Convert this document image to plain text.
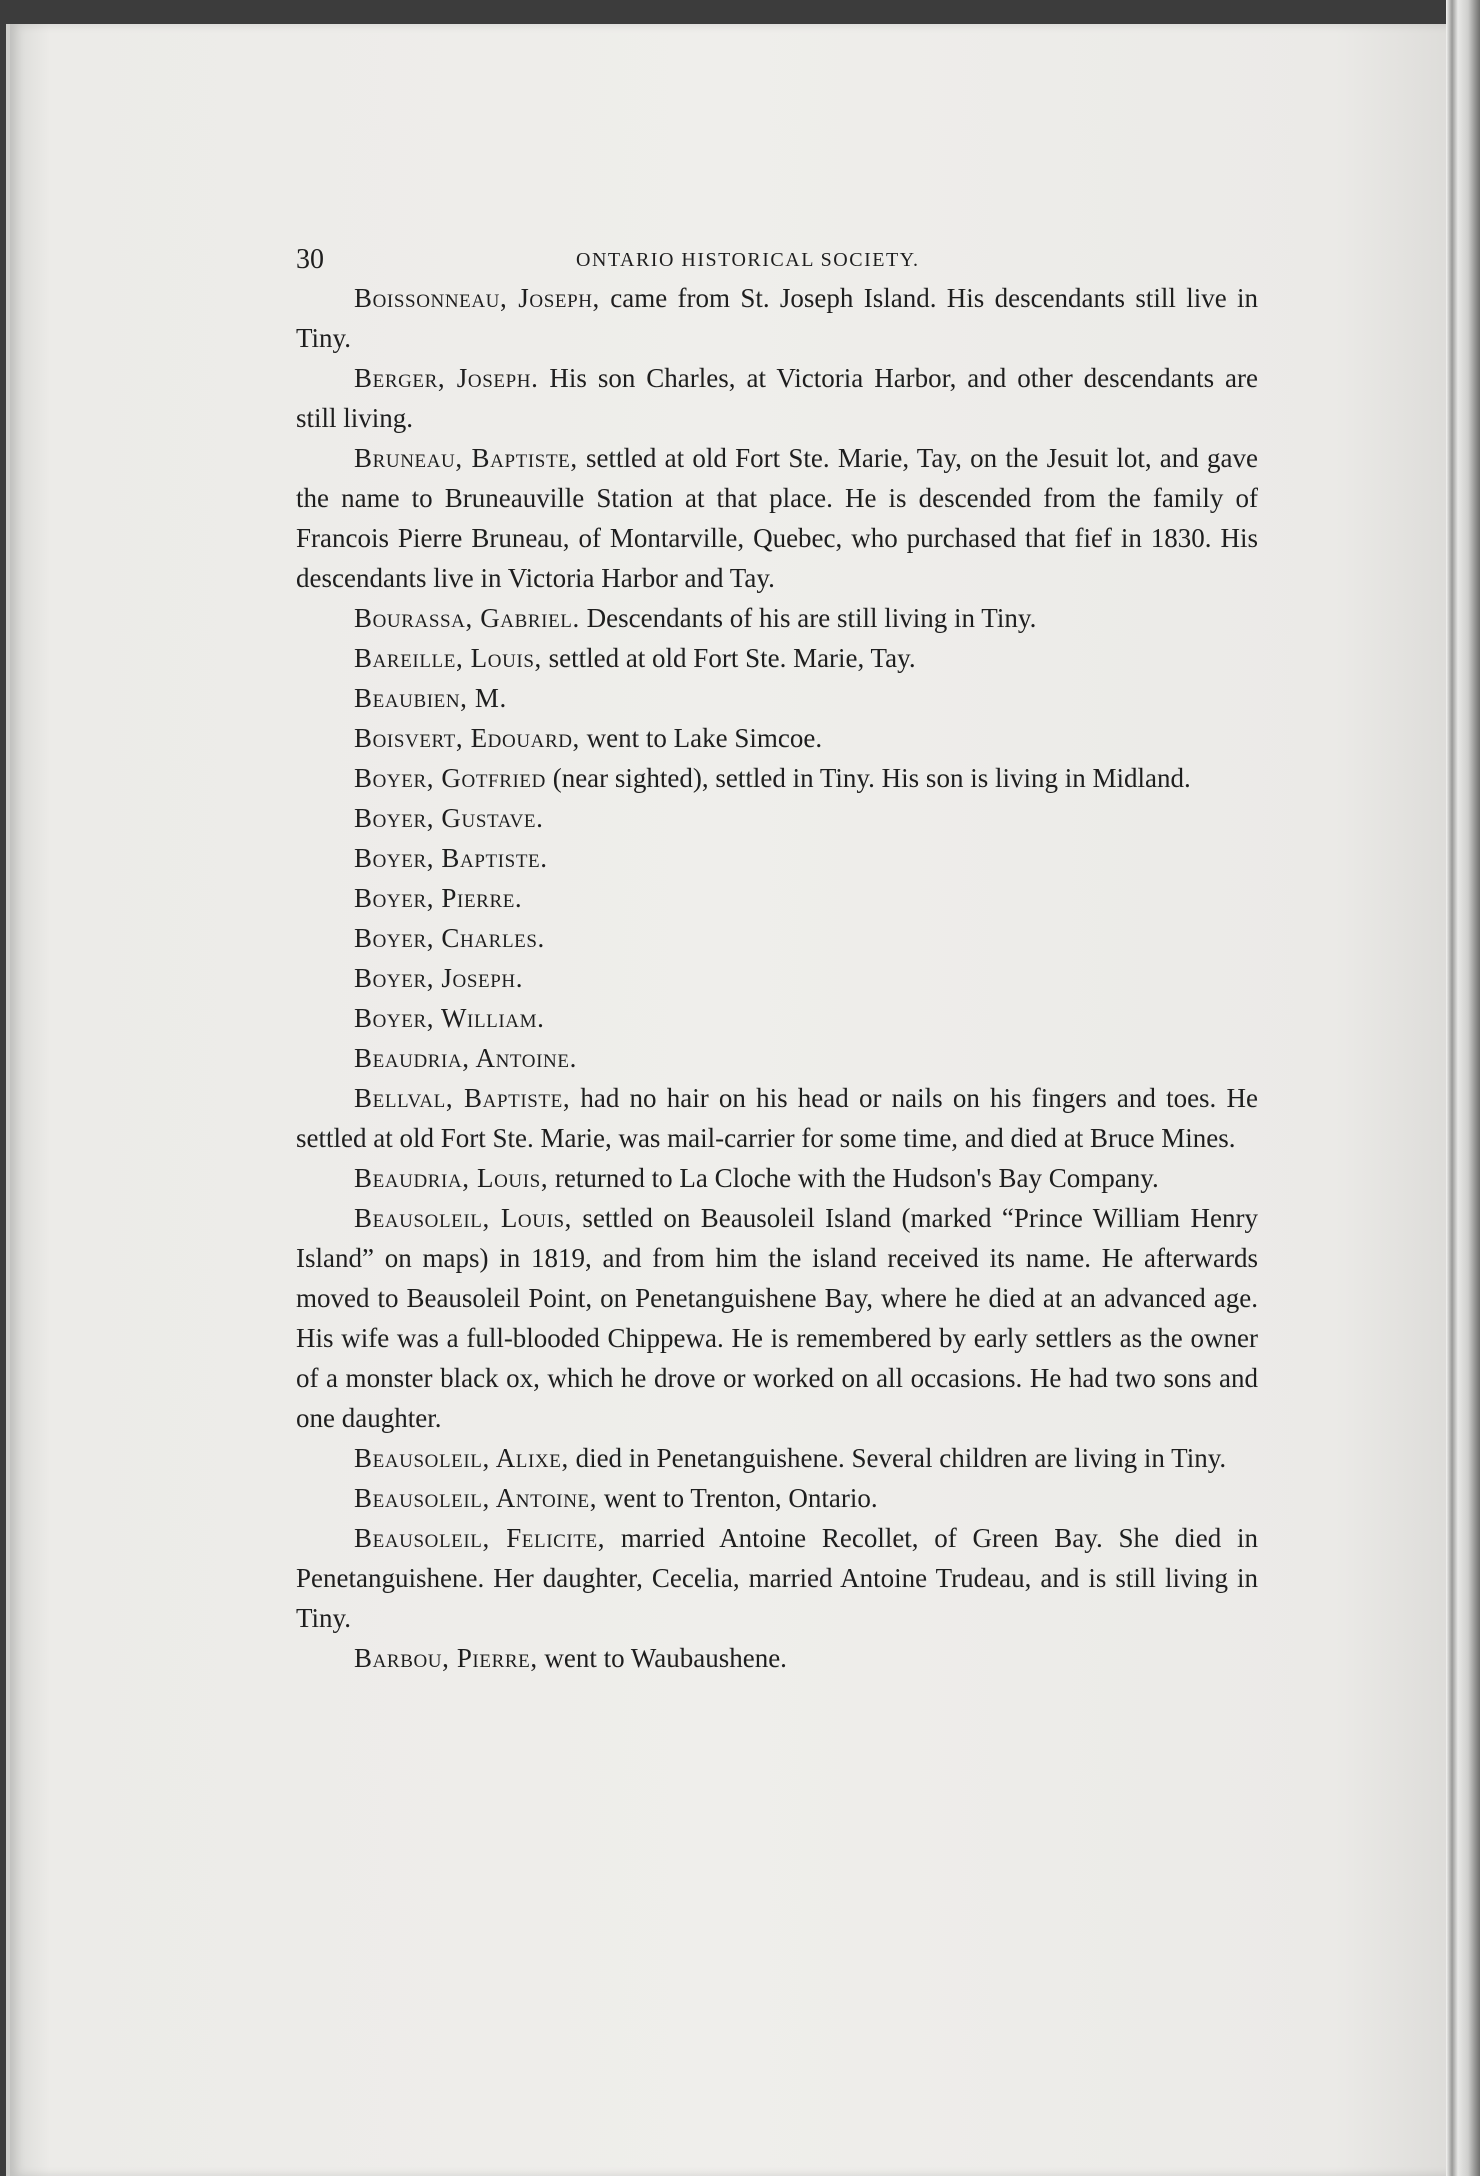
30	ONTARIO HISTORICAL SOCIETY.

Boissonneau, Joseph, came from St. Joseph Island. His descendants still live in Tiny.

Berger, Joseph. His son Charles, at Victoria Harbor, and other descendants are still living.

Bruneau, Baptiste, settled at old Fort Ste. Marie, Tay, on the Jesuit lot, and gave the name to Bruneauville Station at that place. He is descended from the family of Francois Pierre Bruneau, of Montarville, Quebec, who purchased that fief in 1830. His descendants live in Victoria Harbor and Tay.

Bourassa, Gabriel. Descendants of his are still living in Tiny.

Bareille, Louis, settled at old Fort Ste. Marie, Tay.

Beaubien, M.

Boisvert, Edouard, went to Lake Simcoe.

Boyer, Gotfried (near sighted), settled in Tiny. His son is living in Midland.

Boyer, Gustave.

Boyer, Baptiste.

Boyer, Pierre.

Boyer, Charles.

Boyer, Joseph.

Boyer, William.

Beaudria, Antoine.

Bellval, Baptiste, had no hair on his head or nails on his fingers and toes. He settled at old Fort Ste. Marie, was mail-carrier for some time, and died at Bruce Mines.

Beaudria, Louis, returned to La Cloche with the Hudson's Bay Company.

Beausoleil, Louis, settled on Beausoleil Island (marked “Prince William Henry Island” on maps) in 1819, and from him the island received its name. He afterwards moved to Beausoleil Point, on Penetanguishene Bay, where he died at an advanced age. His wife was a full-blooded Chippewa. He is remembered by early settlers as the owner of a monster black ox, which he drove or worked on all occasions. He had two sons and one daughter.

Beausoleil, Alixe, died in Penetanguishene. Several children are living in Tiny.

Beausoleil, Antoine, went to Trenton, Ontario.

Beausoleil, Felicite, married Antoine Recollet, of Green Bay. She died in Penetanguishene. Her daughter, Cecelia, married Antoine Trudeau, and is still living in Tiny.

Barbou, Pierre, went to Waubaushene.
